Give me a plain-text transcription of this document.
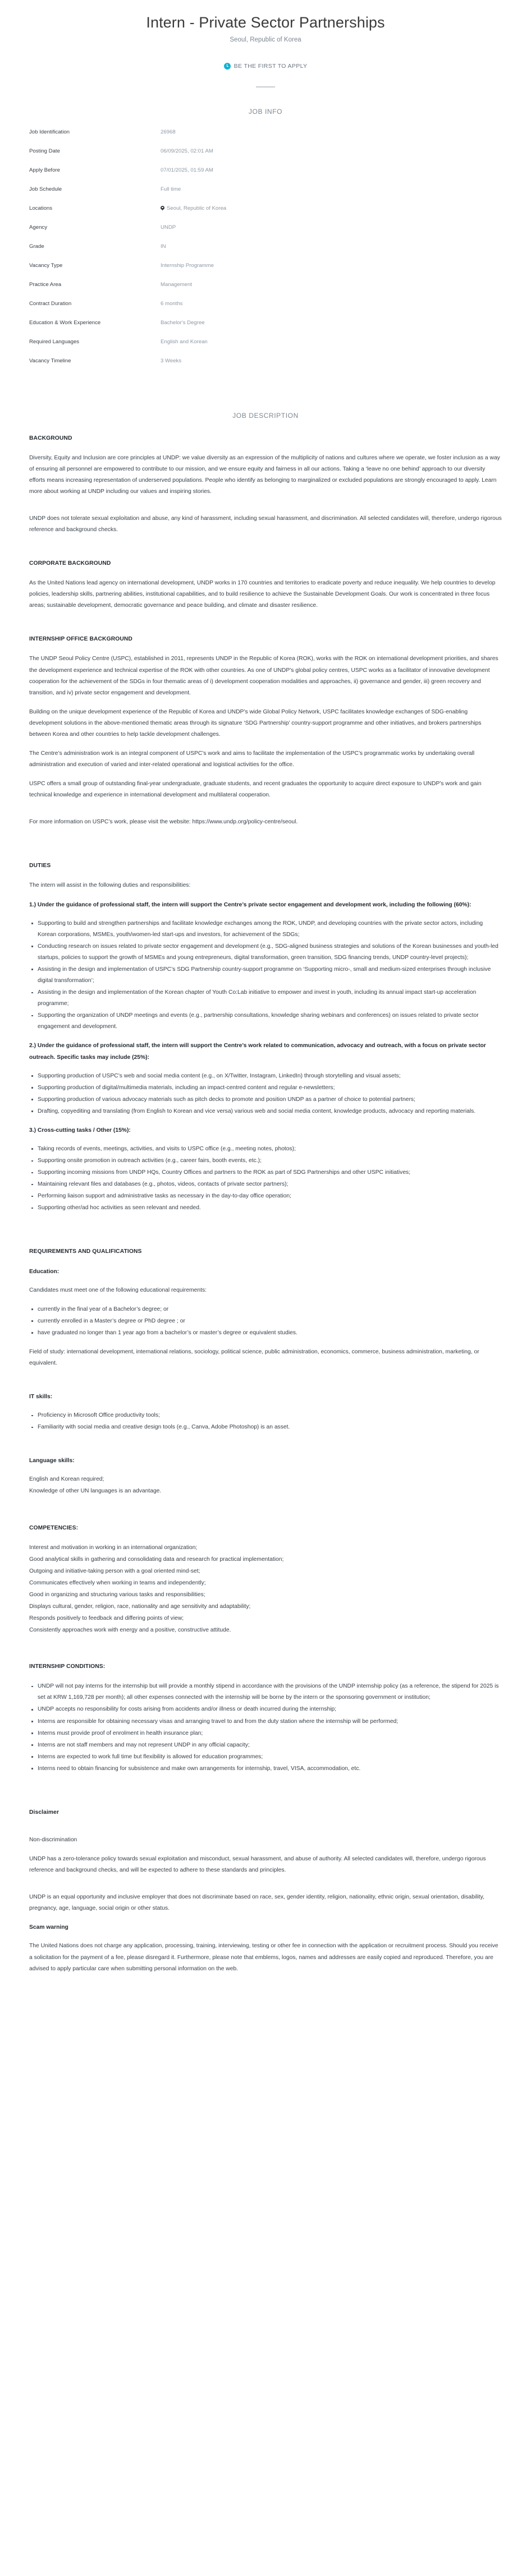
Intern - Private Sector Partnerships
Seoul, Republic of Korea
BE THE FIRST TO APPLY
JOB INFO
Job Identification	26968
Posting Date	06/09/2025, 02:01 AM
Apply Before	07/01/2025, 01:59 AM
Job Schedule	Full time
Locations	Seoul, Republic of Korea
Agency	UNDP
Grade	IN
Vacancy Type	Internship Programme
Practice Area	Management
Contract Duration	6 months
Education & Work Experience	Bachelor's Degree
Required Languages	English and Korean
Vacancy Timeline	3 Weeks
JOB DESCRIPTION
BACKGROUND

Diversity, Equity and Inclusion are core principles at UNDP: we value diversity as an expression of the multiplicity of nations and cultures where we operate, we foster inclusion as a way of ensuring all personnel are empowered to contribute to our mission, and we ensure equity and fairness in all our actions. Taking a ‘leave no one behind’ approach to our diversity efforts means increasing representation of underserved populations. People who identify as belonging to marginalized or excluded populations are strongly encouraged to apply. Learn more about working at UNDP including our values and inspiring stories.

UNDP does not tolerate sexual exploitation and abuse, any kind of harassment, including sexual harassment, and discrimination. All selected candidates will, therefore, undergo rigorous reference and background checks.

CORPORATE BACKGROUND

As the United Nations lead agency on international development, UNDP works in 170 countries and territories to eradicate poverty and reduce inequality. We help countries to develop policies, leadership skills, partnering abilities, institutional capabilities, and to build resilience to achieve the Sustainable Development Goals. Our work is concentrated in three focus areas; sustainable development, democratic governance and peace building, and climate and disaster resilience.

INTERNSHIP OFFICE BACKGROUND

The UNDP Seoul Policy Centre (USPC), established in 2011, represents UNDP in the Republic of Korea (ROK), works with the ROK on international development priorities, and shares the development experience and technical expertise of the ROK with other countries. As one of UNDP’s global policy centres, USPC works as a facilitator of innovative development cooperation for the achievement of the SDGs in four thematic areas of i) development cooperation modalities and approaches, ii) governance and gender, iii) green recovery and transition, and iv) private sector engagement and development.

Building on the unique development experience of the Republic of Korea and UNDP’s wide Global Policy Network, USPC facilitates knowledge exchanges of SDG-enabling development solutions in the above-mentioned thematic areas through its signature ‘SDG Partnership’ country-support programme and other initiatives, and brokers partnerships between Korea and other countries to help tackle development challenges.

The Centre’s administration work is an integral component of USPC’s work and aims to facilitate the implementation of the USPC’s programmatic works by undertaking overall administration and execution of varied and inter-related operational and logistical activities for the office.

USPC offers a small group of outstanding final-year undergraduate, graduate students, and recent graduates the opportunity to acquire direct exposure to UNDP’s work and gain technical knowledge and experience in international development and multilateral cooperation.

For more information on USPC’s work, please visit the website: https://www.undp.org/policy-centre/seoul.

DUTIES

The intern will assist in the following duties and responsibilities:

1.) Under the guidance of professional staff, the intern will support the Centre’s private sector engagement and development work, including the following (60%):

Supporting to build and strengthen partnerships and facilitate knowledge exchanges among the ROK, UNDP, and developing countries with the private sector actors, including Korean corporations, MSMEs, youth/women-led start-ups and investors, for achievement of the SDGs;
Conducting research on issues related to private sector engagement and development (e.g., SDG-aligned business strategies and solutions of the Korean businesses and youth-led startups, policies to support the growth of MSMEs and young entrepreneurs, digital transformation, green transition, SDG financing trends, UNDP country-level projects);
Assisting in the design and implementation of USPC’s SDG Partnership country-support programme on ‘Supporting micro-, small and medium-sized enterprises through inclusive digital transformation’;
Assisting in the design and implementation of the Korean chapter of Youth Co:Lab initiative to empower and invest in youth, including its annual impact start-up acceleration programme;
Supporting the organization of UNDP meetings and events (e.g., partnership consultations, knowledge sharing webinars and conferences) on issues related to private sector engagement and development.

2.) Under the guidance of professional staff, the intern will support the Centre’s work related to communication, advocacy and outreach, with a focus on private sector outreach. Specific tasks may include (25%):

Supporting production of USPC’s web and social media content (e.g., on X/Twitter, Instagram, LinkedIn) through storytelling and visual assets;
Supporting production of digital/multimedia materials, including an impact-centred content and regular e-newsletters;
Supporting production of various advocacy materials such as pitch decks to promote and position UNDP as a partner of choice to potential partners;
Drafting, copyediting and translating (from English to Korean and vice versa) various web and social media content, knowledge products, advocacy and reporting materials.

3.) Cross-cutting tasks / Other (15%):

Taking records of events, meetings, activities, and visits to USPC office (e.g., meeting notes, photos);
Supporting onsite promotion in outreach activities (e.g., career fairs, booth events, etc.);
Supporting incoming missions from UNDP HQs, Country Offices and partners to the ROK as part of SDG Partnerships and other USPC initiatives;
Maintaining relevant files and databases (e.g., photos, videos, contacts of private sector partners);
Performing liaison support and administrative tasks as necessary in the day-to-day office operation;
Supporting other/ad hoc activities as seen relevant and needed.
REQUIREMENTS AND QUALIFICATIONS
Education:

Candidates must meet one of the following educational requirements:

currently in the final year of a Bachelor’s degree; or
currently enrolled in a Master’s degree or PhD degree ; or
have graduated no longer than 1 year ago from a bachelor’s or master’s degree or equivalent studies.

Field of study: international development, international relations, sociology, political science, public administration, economics, commerce, business administration, marketing, or equivalent.

IT skills:
Proficiency in Microsoft Office productivity tools;
Familiarity with social media and creative design tools (e.g., Canva, Adobe Photoshop) is an asset.
Language skills:

English and Korean required;

Knowledge of other UN languages is an advantage.

COMPETENCIES:

Interest and motivation in working in an international organization;

Good analytical skills in gathering and consolidating data and research for practical implementation;

Outgoing and initiative-taking person with a goal oriented mind-set;

Communicates effectively when working in teams and independently;

Good in organizing and structuring various tasks and responsibilities;

Displays cultural, gender, religion, race, nationality and age sensitivity and adaptability;

Responds positively to feedback and differing points of view;

Consistently approaches work with energy and a positive, constructive attitude.

INTERNSHIP CONDITIONS:
UNDP will not pay interns for the internship but will provide a monthly stipend in accordance with the provisions of the UNDP internship policy (as a reference, the stipend for 2025 is set at KRW 1,169,728 per month); all other expenses connected with the internship will be borne by the intern or the sponsoring government or institution;
UNDP accepts no responsibility for costs arising from accidents and/or illness or death incurred during the internship;
Interns are responsible for obtaining necessary visas and arranging travel to and from the duty station where the internship will be performed;
Interns must provide proof of enrolment in health insurance plan;
Interns are not staff members and may not represent UNDP in any official capacity;
Interns are expected to work full time but flexibility is allowed for education programmes;
Interns need to obtain financing for subsistence and make own arrangements for internship, travel, VISA, accommodation, etc.
Disclaimer

Non-discrimination

UNDP has a zero-tolerance policy towards sexual exploitation and misconduct, sexual harassment, and abuse of authority. All selected candidates will, therefore, undergo rigorous reference and background checks, and will be expected to adhere to these standards and principles.

UNDP is an equal opportunity and inclusive employer that does not discriminate based on race, sex, gender identity, religion, nationality, ethnic origin, sexual orientation, disability, pregnancy, age, language, social origin or other status.

Scam warning

The United Nations does not charge any application, processing, training, interviewing, testing or other fee in connection with the application or recruitment process. Should you receive a solicitation for the payment of a fee, please disregard it. Furthermore, please note that emblems, logos, names and addresses are easily copied and reproduced. Therefore, you are advised to apply particular care when submitting personal information on the web.
